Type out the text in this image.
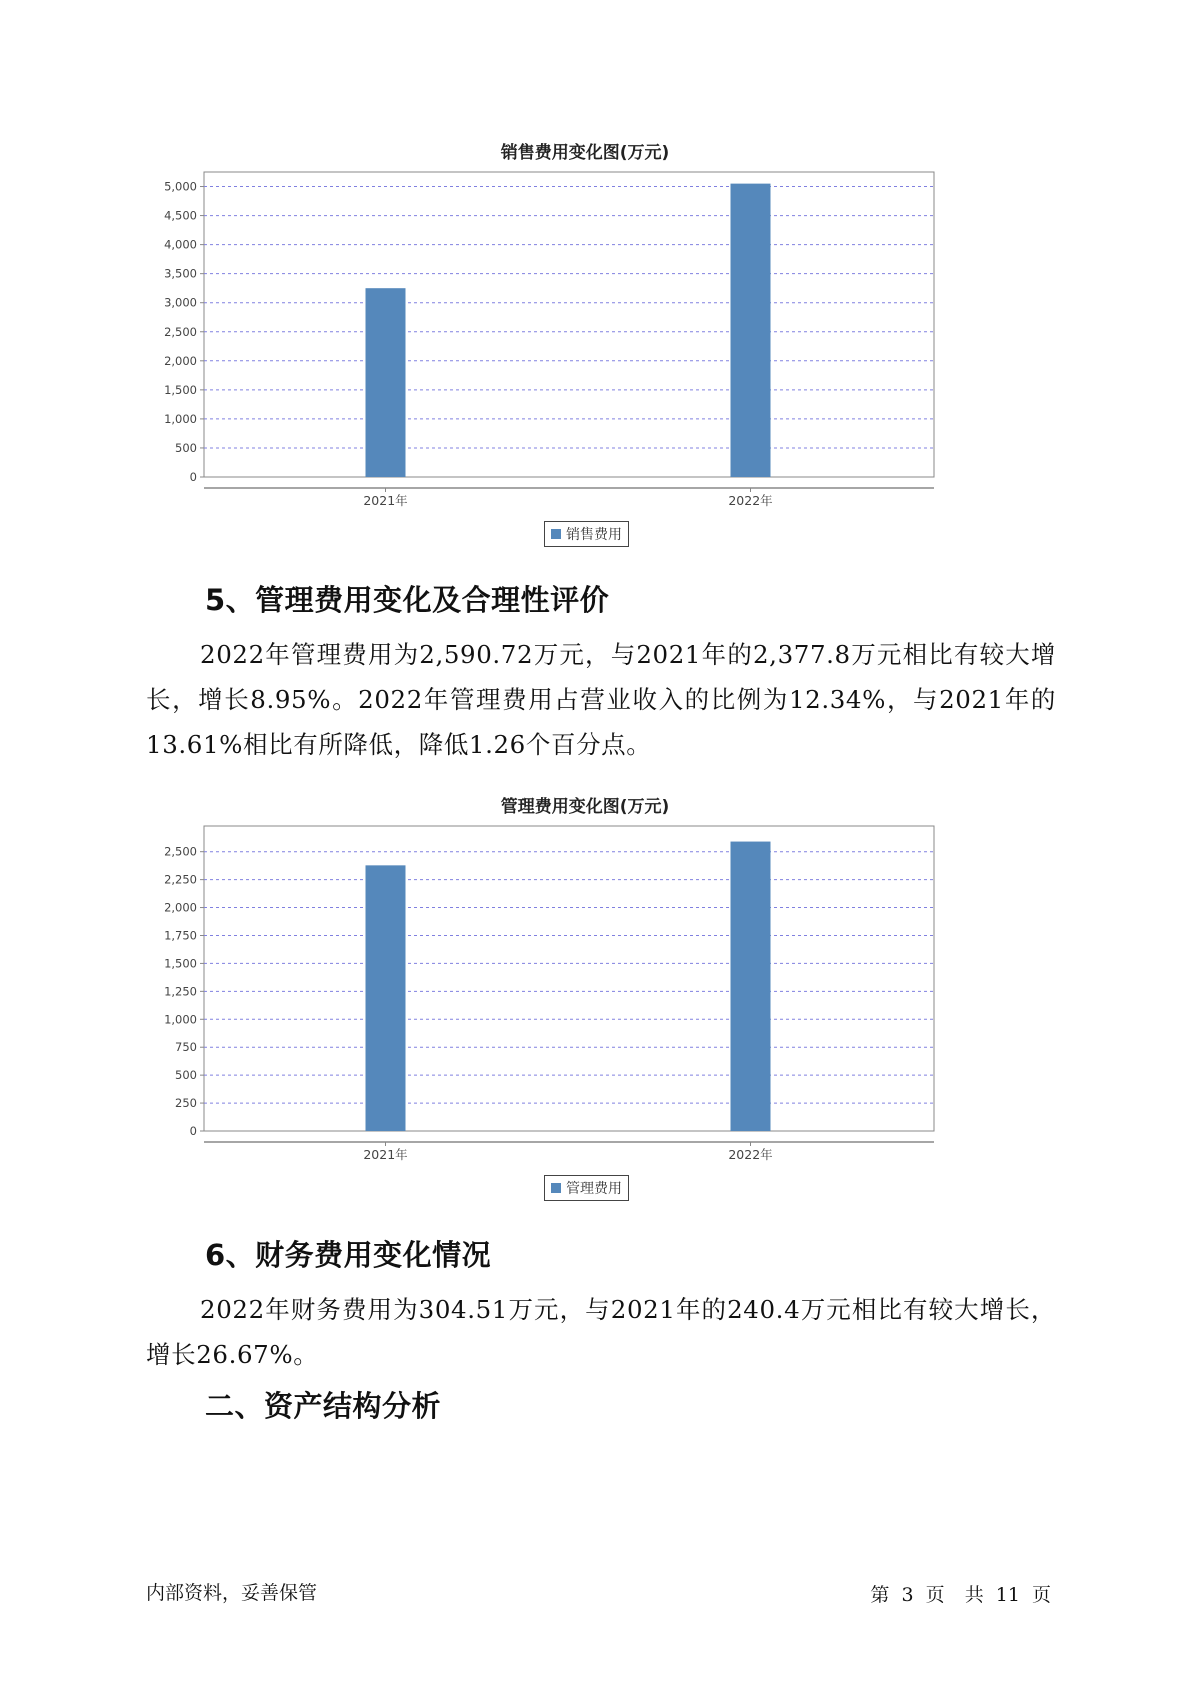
销售费用变化图(万元)
0
500
1,000
1,500
2,000
2,500
3,000
3,500
4,000
4,500
5,000
2021年	2022年
销售费用
5、管理费用变化及合理性评价
2022年管理费用为2,590.72万元，与2021年的2,377.8万元相比有较大增长，增长8.95%。2022年管理费用占营业收入的比例为12.34%，与2021年的13.61%相比有所降低，降低1.26个百分点。
管理费用变化图(万元)
0
250
500
750
1,000
1,250
1,500
1,750
2,000
2,250
2,500
2021年	2022年
管理费用
6、财务费用变化情况
2022年财务费用为304.51万元，与2021年的240.4万元相比有较大增长，增长26.67%。
二、资产结构分析
内部资料，妥善保管	第 3 页 共 11 页
